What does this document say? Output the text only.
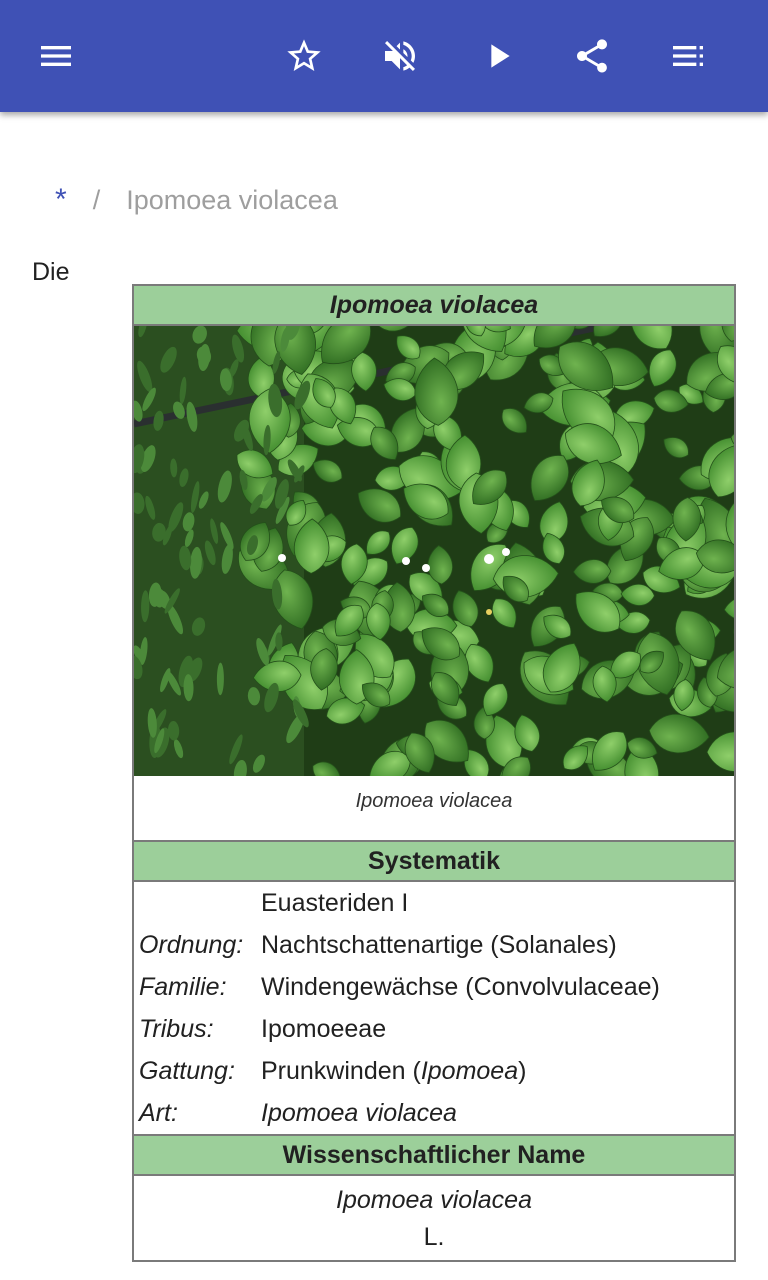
* / Ipomoea violacea
Die
Ipomoea violacea
Ipomoea violacea
Systematik
	Euasteriden I
Ordnung:	Nachtschattenartige (Solanales)
Familie:	Windengewächse (Convolvulaceae)
Tribus:	Ipomoeeae
Gattung:	Prunkwinden (Ipomoea)
Art:	Ipomoea violacea
Wissenschaftlicher Name
Ipomoea violacea
L.
